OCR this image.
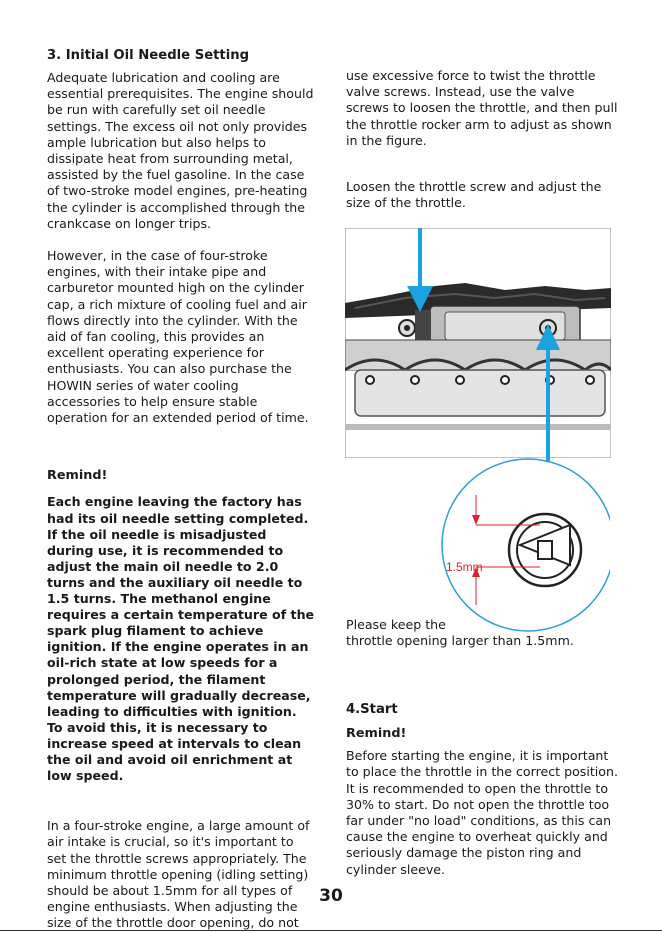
3. Initial Oil Needle Setting

Adequate lubrication and cooling are essential prerequisites. The engine should be run with carefully set oil needle settings. The excess oil not only provides ample lubrication but also helps to dissipate heat from surrounding metal, assisted by the fuel gasoline. In the case of two-stroke model engines, pre-heating the cylinder is accomplished through the crankcase on longer trips.

However, in the case of four-stroke engines, with their intake pipe and carburetor mounted high on the cylinder cap, a rich mixture of cooling fuel and air flows directly into the cylinder. With the aid of fan cooling, this provides an excellent operating experience for enthusiasts. You can also purchase the HOWIN series of water cooling accessories to help ensure stable operation for an extended period of time.

Remind!

Each engine leaving the factory has had its oil needle setting completed. If the oil needle is misadjusted during use, it is recommended to adjust the main oil needle to 2.0 turns and the auxiliary oil needle to 1.5 turns. The methanol engine requires a certain temperature of the spark plug filament to achieve ignition. If the engine operates in an oil-rich state at low speeds for a prolonged period, the filament temperature will gradually decrease, leading to difficulties with ignition. To avoid this, it is necessary to increase speed at intervals to clean the oil and avoid oil enrichment at low speed.

In a four-stroke engine, a large amount of air intake is crucial, so it's important to set the throttle screws appropriately. The minimum throttle opening (idling setting) should be about 1.5mm for all types of engine enthusiasts. When adjusting the size of the throttle door opening, do not

use excessive force to twist the throttle valve screws. Instead, use the valve screws to loosen the throttle, and then pull the throttle rocker arm to adjust as shown in the figure.

Loosen the throttle screw and adjust the size of the throttle.

1.5mm

Please keep the

throttle opening larger than 1.5mm.

4.Start

Remind!

Before starting the engine, it is important to place the throttle in the correct position. It is recommended to open the throttle to 30% to start. Do not open the throttle too far under "no load" conditions, as this can cause the engine to overheat quickly and seriously damage the piston ring and cylinder sleeve.

30
